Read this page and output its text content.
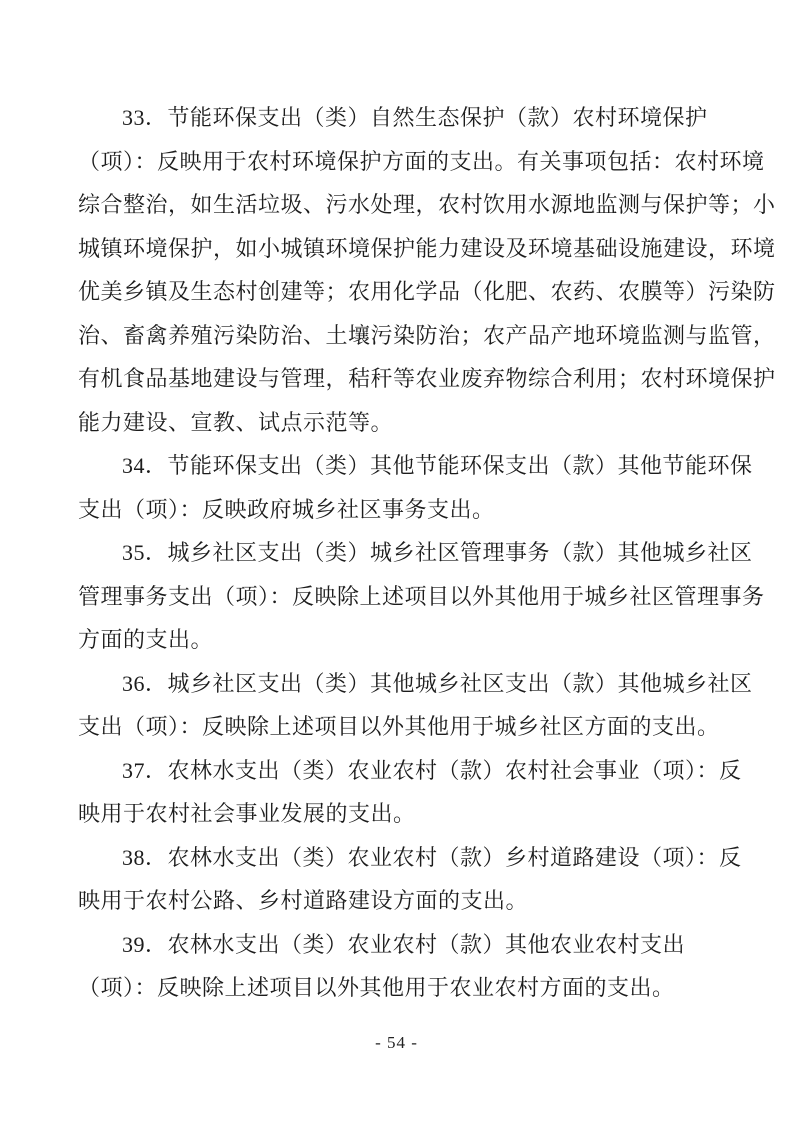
33．节能环保支出（类）自然生态保护（款）农村环境保护
（项）：反映用于农村环境保护方面的支出。有关事项包括：农村环境
综合整治，如生活垃圾、污水处理，农村饮用水源地监测与保护等；小
城镇环境保护，如小城镇环境保护能力建设及环境基础设施建设，环境
优美乡镇及生态村创建等；农用化学品（化肥、农药、农膜等）污染防
治、畜禽养殖污染防治、土壤污染防治；农产品产地环境监测与监管，
有机食品基地建设与管理，秸秆等农业废弃物综合利用；农村环境保护
能力建设、宣教、试点示范等。
34．节能环保支出（类）其他节能环保支出（款）其他节能环保
支出（项）：反映政府城乡社区事务支出。
35．城乡社区支出（类）城乡社区管理事务（款）其他城乡社区
管理事务支出（项）：反映除上述项目以外其他用于城乡社区管理事务
方面的支出。
36．城乡社区支出（类）其他城乡社区支出（款）其他城乡社区
支出（项）：反映除上述项目以外其他用于城乡社区方面的支出。
37．农林水支出（类）农业农村（款）农村社会事业（项）：反
映用于农村社会事业发展的支出。
38．农林水支出（类）农业农村（款）乡村道路建设（项）：反
映用于农村公路、乡村道路建设方面的支出。
39．农林水支出（类）农业农村（款）其他农业农村支出
（项）：反映除上述项目以外其他用于农业农村方面的支出。
- 54 -
